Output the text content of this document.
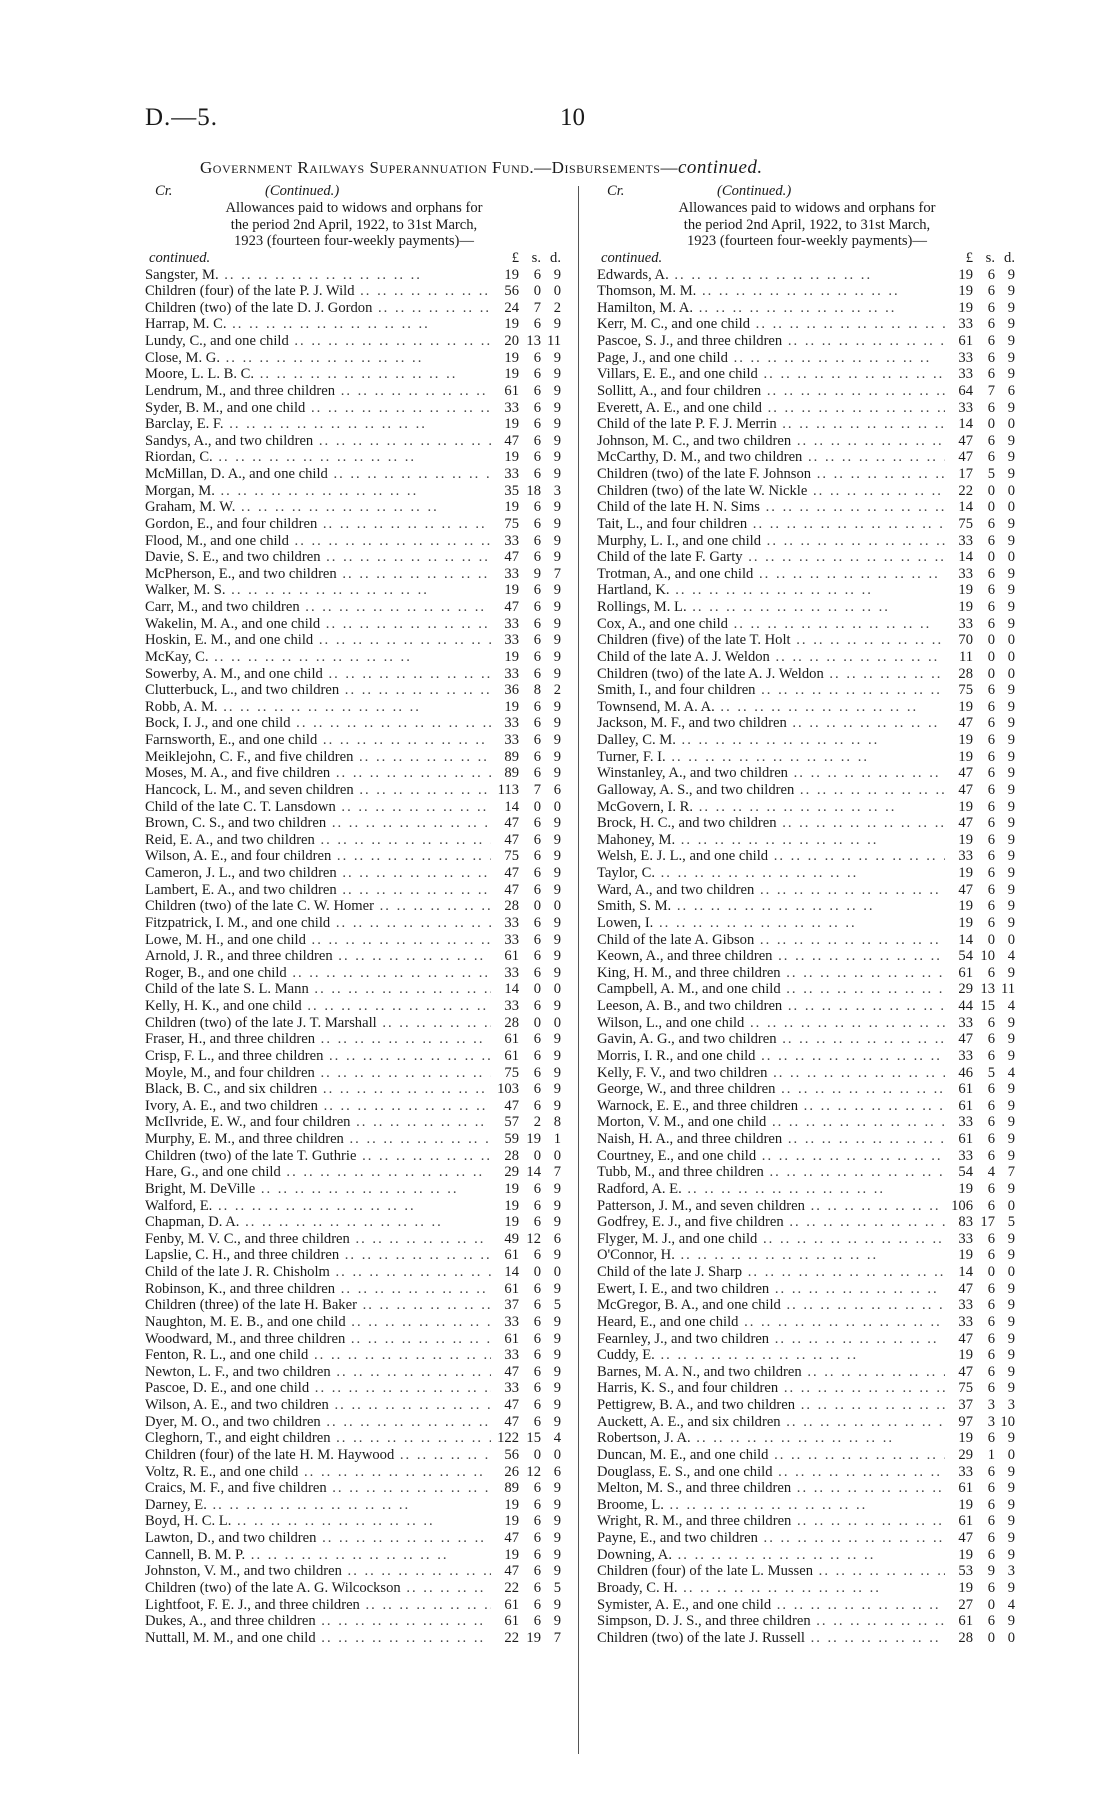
D.—5.	10
Government Railways Superannuation Fund.—Disbursements—continued.
Cr.	(Continued.)
Allowances paid to widows and orphans for
the period 2nd April, 1922, to 31st March,
1923 (fourteen four-weekly payments)—
continued.	£ s. d.
Sangster, M. .. ..	19	6 9
Children (four) of the late P. J. Wild .. ..	56	0 0
Children (two) of the late D. J. Gordon .. ..	24	7 2
Harrap, M. C. .. ..	19	6 9
Lundy, C., and one child .. ..	20 13 11
Close, M. G. .. ..	19	6 9
Moore, L. L. B. C. .. ..	19	6 9
Lendrum, M., and three children .. ..	61	6 9
Syder, B. M., and one child .. ..	33	6 9
Barclay, E. F. .. ..	19	6 9
Sandys, A., and two children .. ..	47	6 9
Riordan, C. .. ..	19	6 9
McMillan, D. A., and one child .. ..	33	6 9
Morgan, M. .. ..	35 18 3
Graham, M. W. .. ..	19	6 9
Gordon, E., and four children .. ..	75	6 9
Flood, M., and one child .. ..	33	6 9
Davie, S. E., and two children .. ..	47	6 9
McPherson, E., and two children .. ..	33	9 7
Walker, M. S. .. ..	19	6 9
Carr, M., and two children .. ..	47	6 9
Wakelin, M. A., and one child .. ..	33	6 9
Hoskin, E. M., and one child .. ..	33	6 9
McKay, C. .. ..	19	6 9
Sowerby, A. M., and one child .. ..	33	6 9
Clutterbuck, L., and two children .. ..	36	8 2
Robb, A. M. .. ..	19	6 9
Bock, I. J., and one child .. ..	33	6 9
Farnsworth, E., and one child .. ..	33	6 9
Meiklejohn, C. F., and five children .. ..	89	6 9
Moses, M. A., and five children .. ..	89	6 9
Hancock, L. M., and seven children .. ..	113	7 6
Child of the late C. T. Lansdown .. ..	14	0 0
Brown, C. S., and two children .. ..	47	6 9
Reid, E. A., and two children .. ..	47	6 9
Wilson, A. E., and four children .. ..	75	6 9
Cameron, J. L., and two children .. ..	47	6 9
Lambert, E. A., and two children .. ..	47	6 9
Children (two) of the late C. W. Homer .. ..	28	0 0
Fitzpatrick, I. M., and one child .. ..	33	6 9
Lowe, M. H., and one child .. ..	33	6 9
Arnold, J. R., and three children .. ..	61	6 9
Roger, B., and one child .. ..	33	6 9
Child of the late S. L. Mann .. ..	14	0 0
Kelly, H. K., and one child .. ..	33	6 9
Children (two) of the late J. T. Marshall .. ..	28	0 0
Fraser, H., and three children .. ..	61	6 9
Crisp, F. L., and three children .. ..	61	6 9
Moyle, M., and four children .. ..	75	6 9
Black, B. C., and six children .. ..	103	6 9
Ivory, A. E., and two children .. ..	47	6 9
McIlvride, E. W., and four children .. ..	57	2 8
Murphy, E. M., and three children .. ..	59 19 1
Children (two) of the late T. Guthrie .. ..	28	0 0
Hare, G., and one child .. ..	29 14 7
Bright, M. DeVille .. ..	19	6 9
Walford, E. .. ..	19	6 9
Chapman, D. A. .. ..	19	6 9
Fenby, M. V. C., and three children .. ..	49 12 6
Lapslie, C. H., and three children .. ..	61	6 9
Child of the late J. R. Chisholm .. ..	14	0 0
Robinson, K., and three children .. ..	61	6 9
Children (three) of the late H. Baker .. ..	37	6 5
Naughton, M. E. B., and one child .. ..	33	6 9
Woodward, M., and three children .. ..	61	6 9
Fenton, R. L., and one child .. ..	33	6 9
Newton, L. F., and two children .. ..	47	6 9
Pascoe, D. E., and one child .. ..	33	6 9
Wilson, A. E., and two children .. ..	47	6 9
Dyer, M. O., and two children .. ..	47	6 9
Cleghorn, T., and eight children .. ..	122 15 4
Children (four) of the late H. M. Haywood .. ..	56	0 0
Voltz, R. E., and one child .. ..	26 12 6
Craics, M. F., and five children .. ..	89	6 9
Darney, E. .. ..	19	6 9
Boyd, H. C. L. .. ..	19	6 9
Lawton, D., and two children .. ..	47	6 9
Cannell, B. M. P. .. ..	19	6 9
Johnston, V. M., and two children .. ..	47	6 9
Children (two) of the late A. G. Wilcockson .. ..	22	6 5
Lightfoot, F. E. J., and three children .. ..	61	6 9
Dukes, A., and three children .. ..	61	6 9
Nuttall, M. M., and one child .. ..	22 19 7
Cr.	(Continued.)
Allowances paid to widows and orphans for
the period 2nd April, 1922, to 31st March,
1923 (fourteen four-weekly payments)—
continued.	£ s. d.
Edwards, A. .. ..	19	6 9
Thomson, M. M. .. ..	19	6 9
Hamilton, M. A. .. ..	19	6 9
Kerr, M. C., and one child .. ..	33	6 9
Pascoe, S. J., and three children .. ..	61	6 9
Page, J., and one child .. ..	33	6 9
Villars, E. E., and one child .. ..	33	6 9
Sollitt, A., and four children .. ..	64	7 6
Everett, A. E., and one child .. ..	33	6 9
Child of the late P. F. J. Merrin .. ..	14	0 0
Johnson, M. C., and two children .. ..	47	6 9
McCarthy, D. M., and two children .. ..	47	6 9
Children (two) of the late F. Johnson .. ..	17	5 9
Children (two) of the late W. Nickle .. ..	22	0 0
Child of the late H. N. Sims .. ..	14	0 0
Tait, L., and four children .. ..	75	6 9
Murphy, L. I., and one child .. ..	33	6 9
Child of the late F. Garty .. ..	14	0 0
Trotman, A., and one child .. ..	33	6 9
Hartland, K. .. ..	19	6 9
Rollings, M. L. .. ..	19	6 9
Cox, A., and one child .. ..	33	6 9
Children (five) of the late T. Holt .. ..	70	0 0
Child of the late A. J. Weldon .. ..	11	0 0
Children (two) of the late A. J. Weldon .. ..	28	0 0
Smith, I., and four children .. ..	75	6 9
Townsend, M. A. A. .. ..	19	6 9
Jackson, M. F., and two children .. ..	47	6 9
Dalley, C. M. .. ..	19	6 9
Turner, F. I. .. ..	19	6 9
Winstanley, A., and two children .. ..	47	6 9
Galloway, A. S., and two children .. ..	47	6 9
McGovern, I. R. .. ..	19	6 9
Brock, H. C., and two children .. ..	47	6 9
Mahoney, M. .. ..	19	6 9
Welsh, E. J. L., and one child .. ..	33	6 9
Taylor, C. .. ..	19	6 9
Ward, A., and two children .. ..	47	6 9
Smith, S. M. .. ..	19	6 9
Lowen, I. .. ..	19	6 9
Child of the late A. Gibson .. ..	14	0 0
Keown, A., and three children .. ..	54 10 4
King, H. M., and three children .. ..	61	6 9
Campbell, A. M., and one child .. ..	29 13 11
Leeson, A. B., and two children .. ..	44 15 4
Wilson, L., and one child .. ..	33	6 9
Gavin, A. G., and two children .. ..	47	6 9
Morris, I. R., and one child .. ..	33	6 9
Kelly, F. V., and two children .. ..	46	5 4
George, W., and three children .. ..	61	6 9
Warnock, E. E., and three children .. ..	61	6 9
Morton, V. M., and one child .. ..	33	6 9
Naish, H. A., and three children .. ..	61	6 9
Courtney, E., and one child .. ..	33	6 9
Tubb, M., and three children .. ..	54	4 7
Radford, A. E. .. ..	19	6 9
Patterson, J. M., and seven children .. ..	106	6 0
Godfrey, E. J., and five children .. ..	83 17 5
Flyger, M. J., and one child .. ..	33	6 9
O'Connor, H. .. ..	19	6 9
Child of the late J. Sharp .. ..	14	0 0
Ewert, I. E., and two children .. ..	47	6 9
McGregor, B. A., and one child .. ..	33	6 9
Heard, E., and one child .. ..	33	6 9
Fearnley, J., and two children .. ..	47	6 9
Cuddy, E. .. ..	19	6 9
Barnes, M. A. N., and two children .. ..	47	6 9
Harris, K. S., and four children .. ..	75	6 9
Pettigrew, B. A., and two children .. ..	37	3 3
Auckett, A. E., and six children .. ..	97	3 10
Robertson, J. A. .. ..	19	6 9
Duncan, M. E., and one child .. ..	29	1 0
Douglass, E. S., and one child .. ..	33	6 9
Melton, M. S., and three children .. ..	61	6 9
Broome, L. .. ..	19	6 9
Wright, R. M., and three children .. ..	61	6 9
Payne, E., and two children .. ..	47	6 9
Downing, A. .. ..	19	6 9
Children (four) of the late L. Mussen .. ..	53	9 3
Broady, C. H. .. ..	19	6 9
Symister, A. E., and one child .. ..	27	0 4
Simpson, D. J. S., and three children .. ..	61	6 9
Children (two) of the late J. Russell .. ..	28	0 0
